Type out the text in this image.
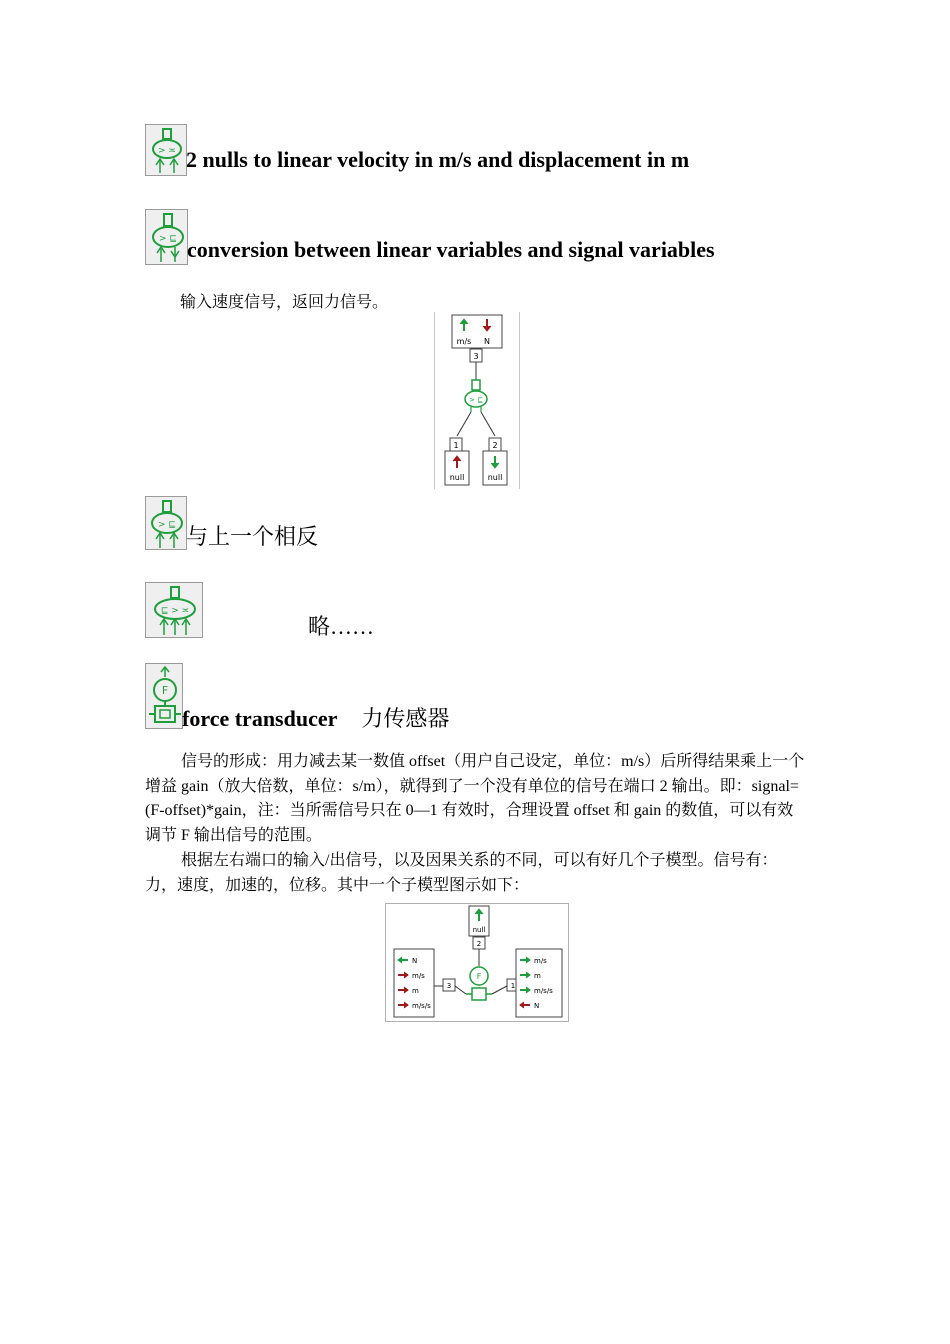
> ≍ 2 nulls to linear velocity in m/s and displacement in m
> ⊑ conversion between linear variables and signal variables
输入速度信号，返回力信号。
m/s N
3
> ⊑
1	2
null	null
> ⊑ 与上一个相反
⊑ > ≍
略……
F
force transducer 力传感器
信号的形成：用力减去某一数值 offset（用户自己设定，单位：m/s）后所得结果乘上一个增益 gain（放大倍数，单位：s/m），就得到了一个没有单位的信号在端口 2 输出。即：signal=(F-offset)*gain，注：当所需信号只在 0—1 有效时，合理设置 offset 和 gain 的数值，可以有效调节 F 输出信号的范围。
根据左右端口的输入/出信号，以及因果关系的不同，可以有好几个子模型。信号有：力，速度，加速的，位移。其中一个子模型图示如下：
null
2
F
3	1
N
m/s
m
m/s/s
m/s
m
m/s/s
N
